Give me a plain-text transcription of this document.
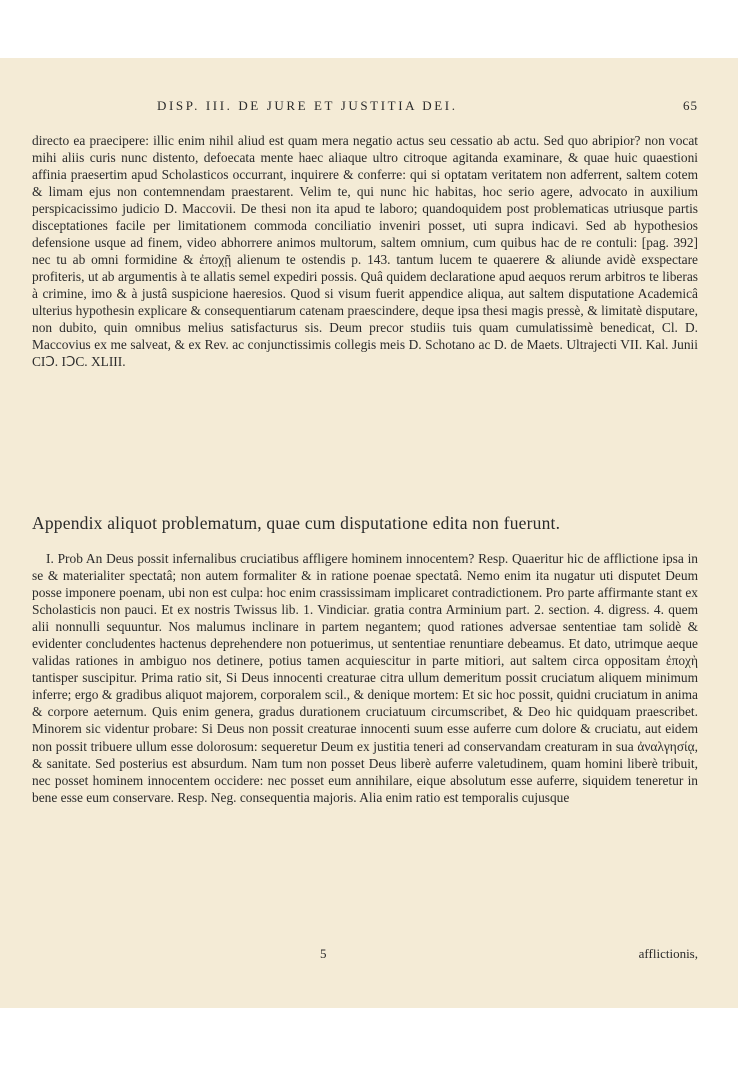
DISP. III. DE JURE ET JUSTITIA DEI.	65

directo ea praecipere: illic enim nihil aliud est quam mera negatio actus seu cessatio ab actu. Sed quo abripior? non vocat mihi aliis curis nunc distento, defoecata mente haec aliaque ultro citroque agitanda examinare, & quae huic quaestioni affinia praesertim apud Scholasticos occurrant, inquirere & conferre: qui si optatam veritatem non adferrent, saltem cotem & limam ejus non contemnendam praestarent. Velim te, qui nunc hic habitas, hoc serio agere, advocato in auxilium perspicacissimo judicio D. Maccovii. De thesi non ita apud te laboro; quandoquidem post problematicas utriusque partis disceptationes facile per limitationem commoda conciliatio inveniri posset, uti supra indicavi. Sed ab hypothesios defensione usque ad finem, video abhorrere animos multorum, saltem omnium, cum quibus hac de re contuli: [pag. 392] nec tu ab omni formidine & ἐποχῇ alienum te ostendis p. 143. tantum lucem te quaerere & aliunde avidè exspectare profiteris, ut ab argumentis à te allatis semel expediri possis. Quâ quidem declaratione apud aequos rerum arbitros te liberas à crimine, imo & à justâ suspicione haeresios. Quod si visum fuerit appendice aliqua, aut saltem disputatione Academicâ ulterius hypothesin explicare & consequentiarum catenam praescindere, deque ipsa thesi magis pressè, & limitatè disputare, non dubito, quin omnibus melius satisfacturus sis. Deum precor studiis tuis quam cumulatissimè benedicat, Cl. D. Maccovius ex me salveat, & ex Rev. ac conjunctissimis collegis meis D. Schotano ac D. de Maets. Ultrajecti VII. Kal. Junii CIↃ. IↃC. XLIII.

Appendix aliquot problematum, quae cum disputatione edita non fuerunt.

I. Prob An Deus possit infernalibus cruciatibus affligere hominem innocentem? Resp. Quaeritur hic de afflictione ipsa in se & materialiter spectatâ; non autem formaliter & in ratione poenae spectatâ. Nemo enim ita nugatur uti disputet Deum posse imponere poenam, ubi non est culpa: hoc enim crassissimam implicaret contradictionem. Pro parte affirmante stant ex Scholasticis non pauci. Et ex nostris Twissus lib. 1. Vindiciar. gratia contra Arminium part. 2. section. 4. digress. 4. quem alii nonnulli sequuntur. Nos malumus inclinare in partem negantem; quod rationes adversae sententiae tam solidè & evidenter concludentes hactenus deprehendere non potuerimus, ut sententiae renuntiare debeamus. Et dato, utrimque aeque validas rationes in ambiguo nos detinere, potius tamen acquiescitur in parte mitiori, aut saltem circa oppositam ἐποχὴ tantisper suscipitur. Prima ratio sit, Si Deus innocenti creaturae citra ullum demeritum possit cruciatum aliquem minimum inferre; ergo & gradibus aliquot majorem, corporalem scil., & denique mortem: Et sic hoc possit, quidni cruciatum in anima & corpore aeternum. Quis enim genera, gradus durationem cruciatuum circumscribet, & Deo hic quidquam praescribet. Minorem sic videntur probare: Si Deus non possit creaturae innocenti suum esse auferre cum dolore & cruciatu, aut eidem non possit tribuere ullum esse dolorosum: sequeretur Deum ex justitia teneri ad conservandam creaturam in sua ἀναλγησίᾳ, & sanitate. Sed posterius est absurdum. Nam tum non posset Deus liberè auferre valetudinem, quam homini liberè tribuit, nec posset hominem innocentem occidere: nec posset eum annihilare, eique absolutum esse auferre, siquidem teneretur in bene esse eum conservare. Resp. Neg. consequentia majoris. Alia enim ratio est temporalis cujusque

5	afflictionis,
